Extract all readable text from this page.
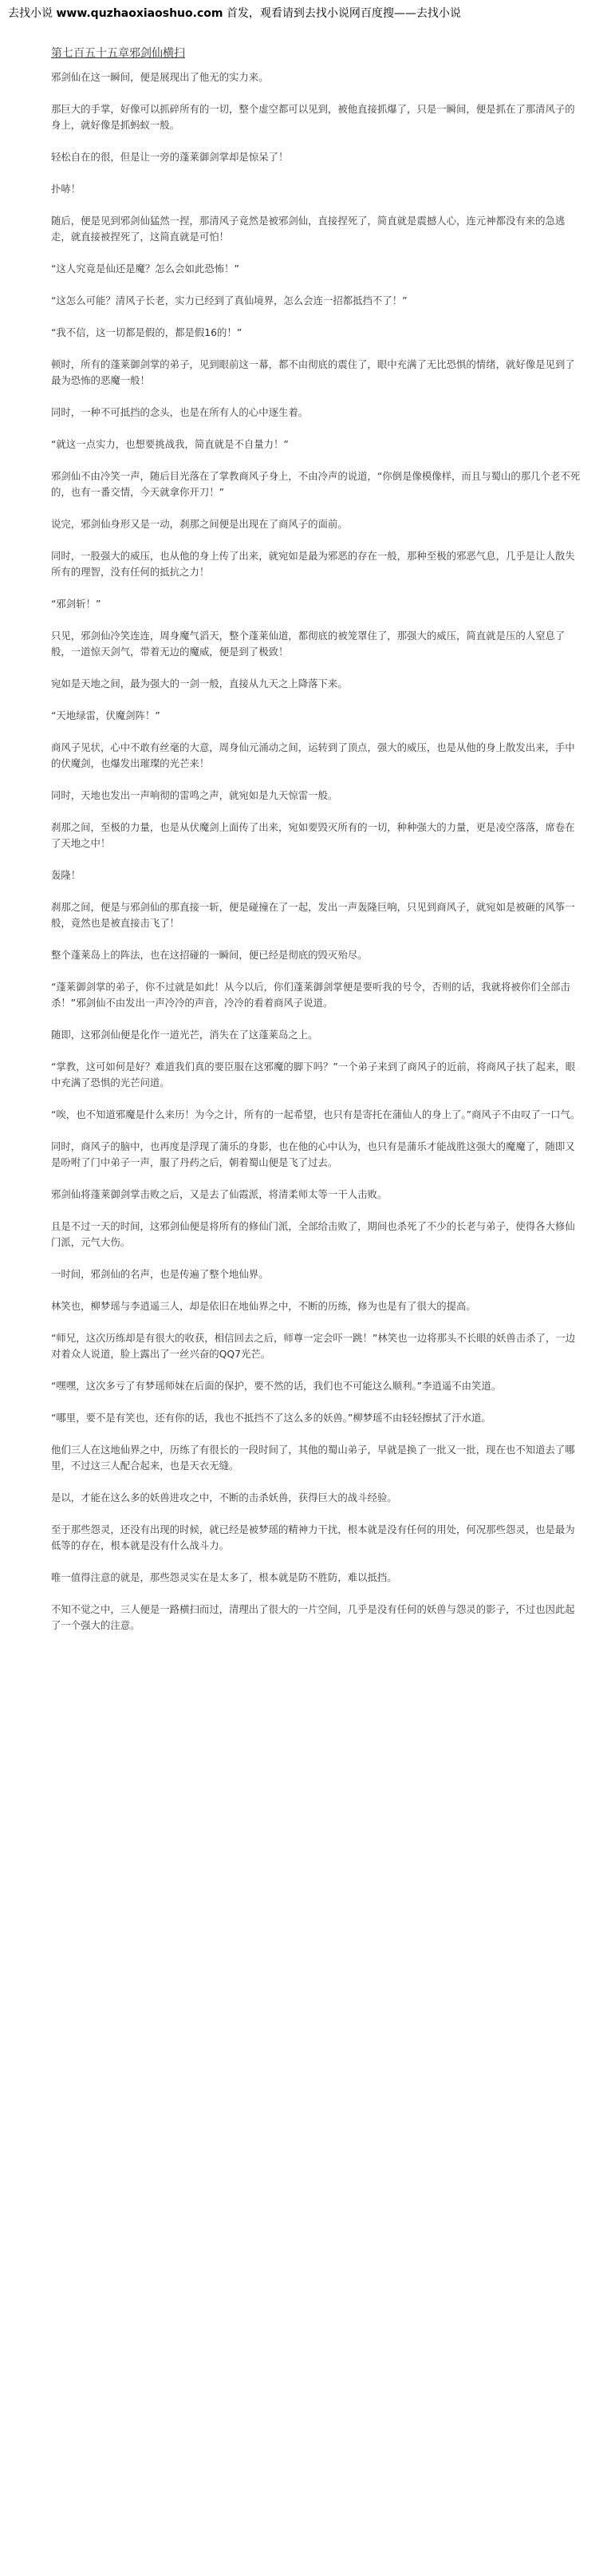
去找小说 www.quzhaoxiaoshuo.com 首发，观看请到去找小说网百度搜——去找小说
第七百五十五章邪剑仙横扫

邪剑仙在这一瞬间，便是展现出了他无的实力来。

那巨大的手掌，好像可以抓碎所有的一切，整个虚空都可以见到，被他直接抓爆了，只是一瞬间，便是抓在了那清风子的身上，就好像是抓蚂蚁一般。

轻松自在的很，但是让一旁的蓬莱御剑掌却是惊呆了！

扑哧！

随后，便是见到邪剑仙猛然一捏，那清风子竟然是被邪剑仙，直接捏死了，简直就是震撼人心，连元神都没有来的急逃走，就直接被捏死了，这简直就是可怕！

“这人究竟是仙还是魔？怎么会如此恐怖！”

“这怎么可能？清风子长老，实力已经到了真仙境界，怎么会连一招都抵挡不了！”

“我不信，这一切都是假的，都是假16的！”

顿时，所有的蓬莱御剑掌的弟子，见到眼前这一幕，都不由彻底的震住了，眼中充满了无比恐惧的情绪，就好像是见到了最为恐怖的恶魔一般！

同时，一种不可抵挡的念头，也是在所有人的心中逐生着。

“就这一点实力，也想要挑战我，简直就是不自量力！”

邪剑仙不由冷笑一声，随后目光落在了掌教商风子身上，不由冷声的说道，“你倒是像模像样，而且与蜀山的那几个老不死的，也有一番交情，今天就拿你开刀！”

说完，邪剑仙身形又是一动，刹那之间便是出现在了商风子的面前。

同时，一股强大的威压，也从他的身上传了出来，就宛如是最为邪恶的存在一般，那种至极的邪恶气息，几乎是让人散失所有的理智，没有任何的抵抗之力！

“邪剑斩！”

只见，邪剑仙冷笑连连，周身魔气滔天，整个蓬莱仙道，都彻底的被笼罩住了，那强大的威压，简直就是压的人窒息了般，一道惊天剑气，带着无边的魔威，便是到了极致！

宛如是天地之间，最为强大的一剑一般，直接从九天之上降落下来。

“天地绿雷，伏魔剑阵！”

商风子见状，心中不敢有丝毫的大意，周身仙元涌动之间，运转到了顶点，强大的威压，也是从他的身上散发出来，手中的伏魔剑，也爆发出璀璨的光芒来！

同时，天地也发出一声响彻的雷鸣之声，就宛如是九天惊雷一般。

刹那之间，至极的力量，也是从伏魔剑上面传了出来，宛如要毁灭所有的一切，种种强大的力量，更是凌空落落，席卷在了天地之中！

轰隆！

刹那之间，便是与邪剑仙的那直接一斩，便是碰撞在了一起，发出一声轰隆巨响，只见到商风子，就宛如是被砸的风筝一般，竟然也是被直接击飞了！

整个蓬莱岛上的阵法，也在这招碰的一瞬间，便已经是彻底的毁灭殆尽。

“蓬莱御剑掌的弟子，你不过就是如此！从今以后，你们蓬莱御剑掌便是要听我的号令，否则的话，我就将被你们全部击杀！”邪剑仙不由发出一声冷冷的声音，冷冷的看着商风子说道。

随即，这邪剑仙便是化作一道光芒，消失在了这蓬莱岛之上。

“掌教，这可如何是好？难道我们真的要臣服在这邪魔的脚下吗？”一个弟子来到了商风子的近前，将商风子扶了起来，眼中充满了恐惧的光芒问道。

“唉，也不知道邪魔是什么来历！为今之计，所有的一起希望，也只有是寄托在蒲仙人的身上了。”商风子不由叹了一口气。

同时，商风子的脑中，也再度是浮现了蒲乐的身影，也在他的心中认为，也只有是蒲乐才能战胜这强大的魔魔了，随即又是吩咐了门中弟子一声，服了丹药之后，朝着蜀山便是飞了过去。

邪剑仙将蓬莱御剑掌击败之后，又是去了仙霞派，将清柔师太等一干人击败。

且是不过一天的时间，这邪剑仙便是将所有的修仙门派，全部给击败了，期间也杀死了不少的长老与弟子，使得各大修仙门派，元气大伤。

一时间，邪剑仙的名声，也是传遍了整个地仙界。

林笑也，柳梦瑶与李逍遥三人，却是依旧在地仙界之中，不断的历练，修为也是有了很大的提高。

“师兄，这次历练却是有很大的收获，相信回去之后，师尊一定会吓一跳！”林笑也一边将那头不长眼的妖兽击杀了，一边对着众人说道，脸上露出了一丝兴奋的QQ7光芒。

“嘿嘿，这次多亏了有梦瑶师妹在后面的保护，要不然的话，我们也不可能这么顺利。”李逍遥不由笑道。

“哪里，要不是有笑也，还有你的话，我也不抵挡不了这么多的妖兽。”柳梦瑶不由轻轻擦拭了汗水道。

他们三人在这地仙界之中，历练了有很长的一段时间了，其他的蜀山弟子，早就是换了一批又一批，现在也不知道去了哪里，不过这三人配合起来，也是天衣无缝。

是以，才能在这么多的妖兽进攻之中，不断的击杀妖兽，获得巨大的战斗经验。

至于那些怨灵，还没有出现的时候，就已经是被梦瑶的精神力干扰，根本就是没有任何的用处，何况那些怨灵，也是最为低等的存在，根本就是没有什么战斗力。

唯一值得注意的就是，那些怨灵实在是太多了，根本就是防不胜防，难以抵挡。

不知不觉之中，三人便是一路横扫而过，清理出了很大的一片空间，几乎是没有任何的妖兽与怨灵的影子，不过也因此起了一个强大的注意。
